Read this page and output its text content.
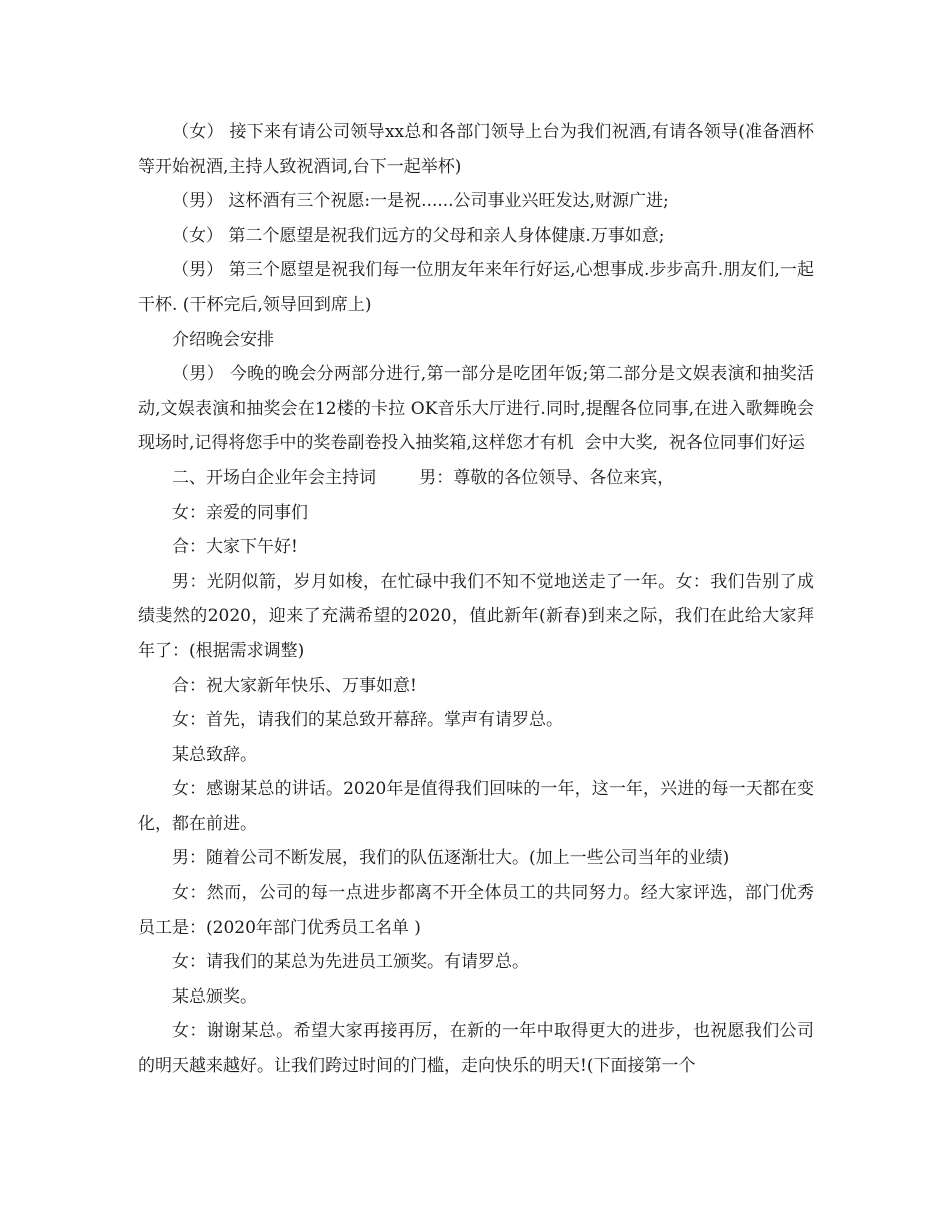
（女） 接下来有请公司领导xx总和各部门领导上台为我们祝酒,有请各领导(准备酒杯等开始祝酒,主持人致祝酒词,台下一起举杯)

（男） 这杯酒有三个祝愿:一是祝......公司事业兴旺发达,财源广进;

（女） 第二个愿望是祝我们远方的父母和亲人身体健康.万事如意;

（男） 第三个愿望是祝我们每一位朋友年来年行好运,心想事成.步步高升.朋友们,一起干杯. (干杯完后,领导回到席上)

介绍晚会安排

（男） 今晚的晚会分两部分进行,第一部分是吃团年饭;第二部分是文娱表演和抽奖活动,文娱表演和抽奖会在12楼的卡拉 OK音乐大厅进行.同时,提醒各位同事,在进入歌舞晚会现场时,记得将您手中的奖卷副卷投入抽奖箱,这样您才有机  会中大奖,  祝各位同事们好运

二、开场白企业年会主持词        男：尊敬的各位领导、各位来宾，

女：亲爱的同事们

合：大家下午好!

男：光阴似箭，岁月如梭，在忙碌中我们不知不觉地送走了一年。女：我们告别了成绩斐然的2020，迎来了充满希望的2020，值此新年(新春)到来之际，我们在此给大家拜年了：(根据需求调整)

合：祝大家新年快乐、万事如意!

女：首先，请我们的某总致开幕辞。掌声有请罗总。

某总致辞。

女：感谢某总的讲话。2020年是值得我们回味的一年，这一年，兴进的每一天都在变化，都在前进。

男：随着公司不断发展，我们的队伍逐渐壮大。(加上一些公司当年的业绩)

女：然而，公司的每一点进步都离不开全体员工的共同努力。经大家评选，部门优秀员工是：(2020年部门优秀员工名单 )

女：请我们的某总为先进员工颁奖。有请罗总。

某总颁奖。

女：谢谢某总。希望大家再接再厉，在新的一年中取得更大的进步，也祝愿我们公司的明天越来越好。让我们跨过时间的门槛，走向快乐的明天!(下面接第一个
